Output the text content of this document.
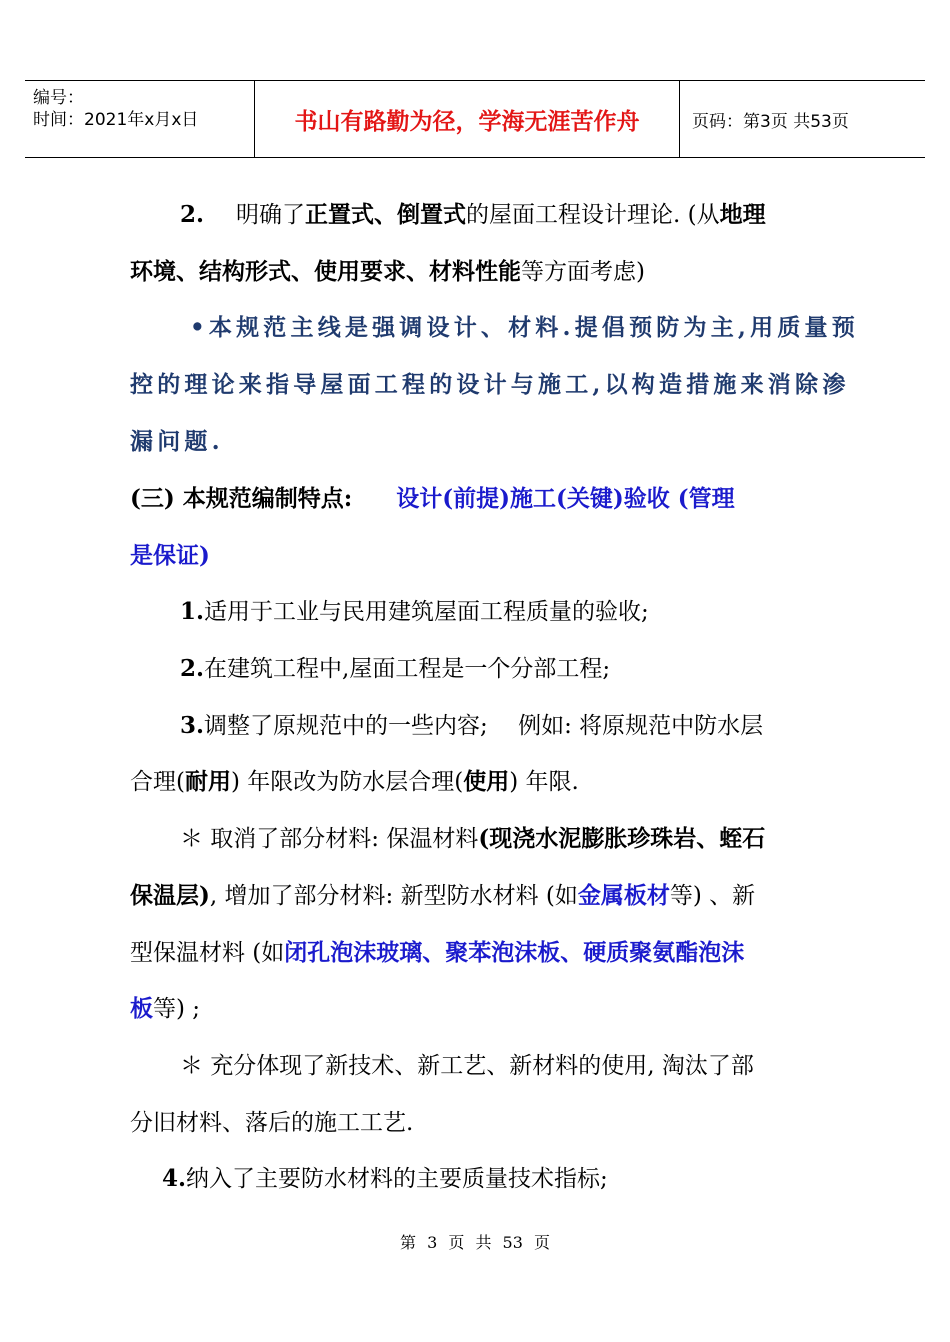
编号：
时间：2021年x月x日	书山有路勤为径，学海无涯苦作舟	页码：第3页 共53页
2. 明确了正置式、倒置式的屋面工程设计理论. (从地理
环境、结构形式、使用要求、材料性能等方面考虑)
•本规范主线是强调设计、材料.提倡预防为主,用质量预
控的理论来指导屋面工程的设计与施工,以构造措施来消除渗
漏问题.
(三) 本规范编制特点: 设计(前提)施工(关键)验收 (管理
是保证)
1.适用于工业与民用建筑屋面工程质量的验收;
2.在建筑工程中,屋面工程是一个分部工程;
3.调整了原规范中的一些内容;　 例如: 将原规范中防水层
合理(耐用) 年限改为防水层合理(使用) 年限.
＊ 取消了部分材料: 保温材料(现浇水泥膨胀珍珠岩、蛭石
保温层), 增加了部分材料: 新型防水材料 (如金属板材等) 、新
型保温材料 (如闭孔泡沫玻璃、聚苯泡沫板、硬质聚氨酯泡沫
板等) ;
＊ 充分体现了新技术、新工艺、新材料的使用, 淘汰了部
分旧材料、落后的施工工艺.
4.纳入了主要防水材料的主要质量技术指标;
第 3 页 共 53 页
